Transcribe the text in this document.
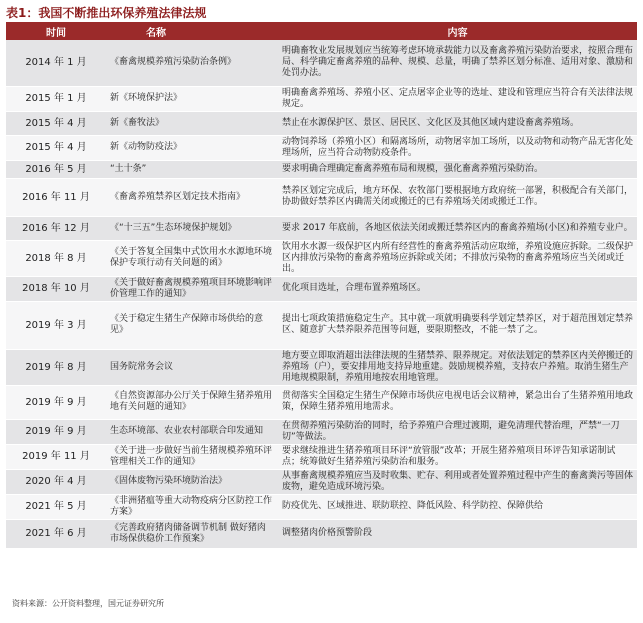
表1：我国不断推出环保养殖法律法规
时间	名称	内容
2014 年 1 月	《畜禽规模养殖污染防治条例》	明确畜牧业发展规划应当统筹考虑环境承载能力以及畜禽养殖污染防治要求，按照合理布局、科学确定畜禽养殖的品种、规模、总量，明确了禁养区划分标准、适用对象、激励和处罚办法。
2015 年 1 月	新《环境保护法》	明确畜禽养殖场、养殖小区、定点屠宰企业等的选址、建设和管理应当符合有关法律法规规定。
2015 年 4 月	新《畜牧法》	禁止在水源保护区、景区、居民区、文化区及其他区域内建设畜禽养殖场。
2015 年 4 月	新《动物防疫法》	动物饲养场（养殖小区）和隔离场所，动物屠宰加工场所，以及动物和动物产品无害化处理场所，应当符合动物防疫条件。
2016 年 5 月	“土十条”	要求明确合理确定畜禽养殖布局和规模，强化畜禽养殖污染防治。
2016 年 11 月	《畜禽养殖禁养区划定技术指南》	禁养区划定完成后，地方环保、农牧部门要根据地方政府统一部署，积极配合有关部门，协助做好禁养区内确需关闭或搬迁的已有养殖场关闭或搬迁工作。
2016 年 12 月	《“十三五”生态环境保护规划》	要求 2017 年底前，各地区依法关闭或搬迁禁养区内的畜禽养殖场(小区)和养殖专业户。
2018 年 8 月	《关于答复全国集中式饮用水水源地环境保护专项行动有关问题的函》	饮用水水源一级保护区内所有经营性的畜禽养殖活动应取缔，养殖设施应拆除。二级保护区内排放污染物的畜禽养殖场应拆除或关闭；不排放污染物的畜禽养殖场应当关闭或迁出。
2018 年 10 月	《关于做好畜禽规模养殖项目环境影响评价管理工作的通知》	优化项目选址，合理布置养殖场区。
2019 年 3 月	《关于稳定生猪生产保障市场供给的意见》	提出七项政策措施稳定生产。其中就一项就明确要科学划定禁养区，对于超范围划定禁养区、随意扩大禁养限养范围等问题，要限期整改，不能一禁了之。
2019 年 8 月	国务院常务会议	地方要立即取消超出法律法规的生猪禁养、限养规定。对依法划定的禁养区内关停搬迁的养殖场（户），要安排用地支持异地重建。鼓励规模养殖，支持农户养殖。取消生猪生产用地规模限制，养殖用地按农用地管理。
2019 年 9 月	《自然资源部办公厅关于保障生猪养殖用地有关问题的通知》	贯彻落实全国稳定生猪生产保障市场供应电视电话会议精神，紧急出台了生猪养殖用地政策，保障生猪养殖用地需求。
2019 年 9 月	生态环境部、农业农村部联合印发通知	在贯彻养殖污染防治的同时，给予养殖户合理过渡期，避免清理代替治理，严禁“一刀切”等做法。
2019 年 11 月	《关于进一步做好当前生猪规模养殖环评管理相关工作的通知》	要求继续推进生猪养殖项目环评“放管服”改革；开展生猪养殖项目环评告知承诺制试点；统筹做好生猪养殖污染防治和服务。
2020 年 4 月	《固体废物污染环境防治法》	从事畜禽规模养殖应当及时收集、贮存、利用或者处置养殖过程中产生的畜禽粪污等固体废物，避免造成环境污染。
2021 年 5 月	《非洲猪瘟等重大动物疫病分区防控工作方案》	防疫优先、区域推进、联防联控、降低风险、科学防控、保障供给
2021 年 6 月	《完善政府猪肉储备调节机制 做好猪肉市场保供稳价工作预案》	调整猪肉价格预警阶段
资料来源：公开资料整理，国元证券研究所
